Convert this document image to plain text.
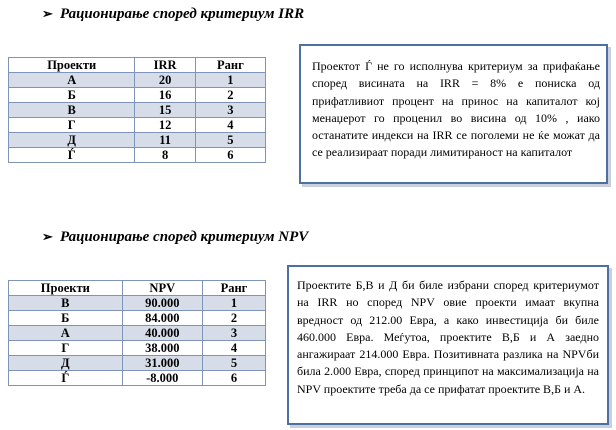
➢ Рационирање според критериум IRR
Проекти	IRR	Ранг
А	20	1
Б	16	2
В	15	3
Г	12	4
Д	11	5
Ѓ	8	6
Проектот Ѓ не го исполнува критериум за прифаќање според висината на IRR = 8% е пониска од прифатливиот процент на принос на капиталот кој менаџерот го проценил во висина од 10% , иако останатите индекси на IRR се поголеми не ќе можат да се реализираат поради лимитираност на капиталот
➢ Рационирање според критериум NPV
Проекти	NPV	Ранг
В	90.000	1
Б	84.000	2
А	40.000	3
Г	38.000	4
Д	31.000	5
Ѓ	-8.000	6
Проектите Б,В и Д би биле избрани според критериумот на IRR но според NPV овие проекти имаат вкупна вредност од 212.00 Евра, а како инвестиција би биле 460.000 Евра. Меѓутоа, проектите В,Б и А заедно ангажираат 214.000 Евра. Позитивната разлика на NPVби била 2.000 Евра, според принципот на максимализација на NPV проектите треба да се прифатат проектите В,Б и А.
